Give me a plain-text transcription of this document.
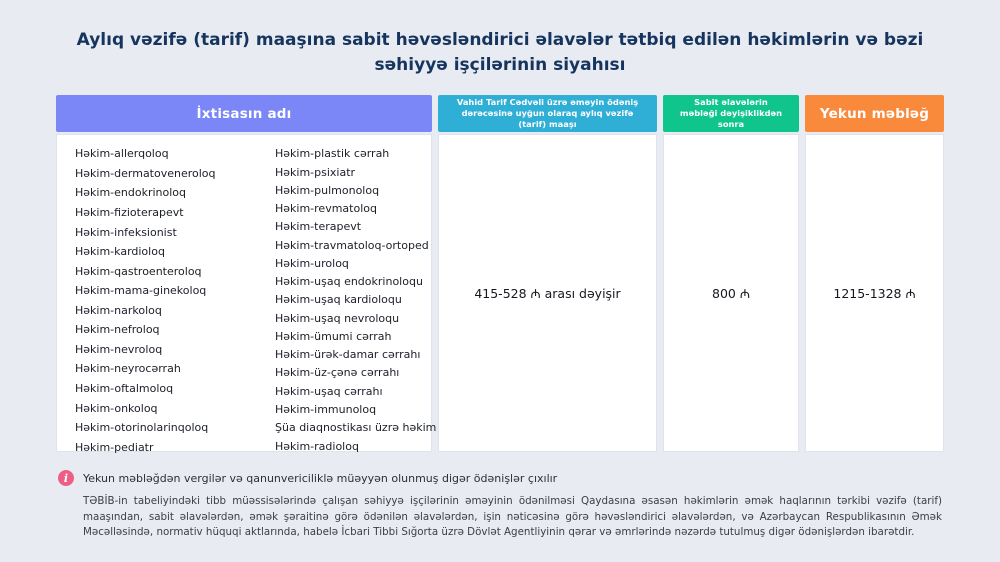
Aylıq vəzifə (tarif) maaşına sabit həvəsləndirici əlavələr tətbiq edilən həkimlərin və bəzi səhiyyə işçilərinin siyahısı
İxtisasın adı
Həkim-allerqoloq
Həkim-dermatoveneroloq
Həkim-endokrinoloq
Həkim-fizioterapevt
Həkim-infeksionist
Həkim-kardioloq
Həkim-qastroenteroloq
Həkim-mama-ginekoloq
Həkim-narkoloq
Həkim-nefroloq
Həkim-nevroloq
Həkim-neyrocərrah
Həkim-oftalmoloq
Həkim-onkoloq
Həkim-otorinolarinqoloq
Həkim-pediatr
Həkim-plastik cərrah
Həkim-psixiatr
Həkim-pulmonoloq
Həkim-revmatoloq
Həkim-terapevt
Həkim-travmatoloq-ortoped
Həkim-uroloq
Həkim-uşaq endokrinoloqu
Həkim-uşaq kardioloqu
Həkim-uşaq nevroloqu
Həkim-ümumi cərrah
Həkim-ürək-damar cərrahı
Həkim-üz-çənə cərrahı
Həkim-uşaq cərrahı
Həkim-immunoloq
Şüa diaqnostikası üzrə həkim
Həkim-radioloq
Vahid Tarif Cədvəli üzrə əməyin ödəniş dərəcəsinə uyğun olaraq aylıq vəzifə (tarif) maaşı
415-528 ₼ arası dəyişir
Sabit əlavələrin məbləği dəyişiklikdən sonra
800 ₼
Yekun məbləğ
1215-1328 ₼
i	Yekun məbləğdən vergilər və qanunvericiliklə müəyyən olunmuş digər ödənişlər çıxılır

TƏBİB-in tabeliyindəki tibb müəssisələrində çalışan səhiyyə işçilərinin əməyinin ödənilməsi Qaydasına əsasən həkimlərin əmək haqlarının tərkibi vəzifə (tarif) maaşından, sabit əlavələrdən, əmək şəraitinə görə ödənilən əlavələrdən, işin nəticəsinə görə həvəsləndirici əlavələrdən, və Azərbaycan Respublikasının Əmək Məcəlləsində, normativ hüquqi aktlarında, habelə İcbari Tibbi Sığorta üzrə Dövlət Agentliyinin qərar və əmrlərində nəzərdə tutulmuş digər ödənişlərdən ibarətdir.
